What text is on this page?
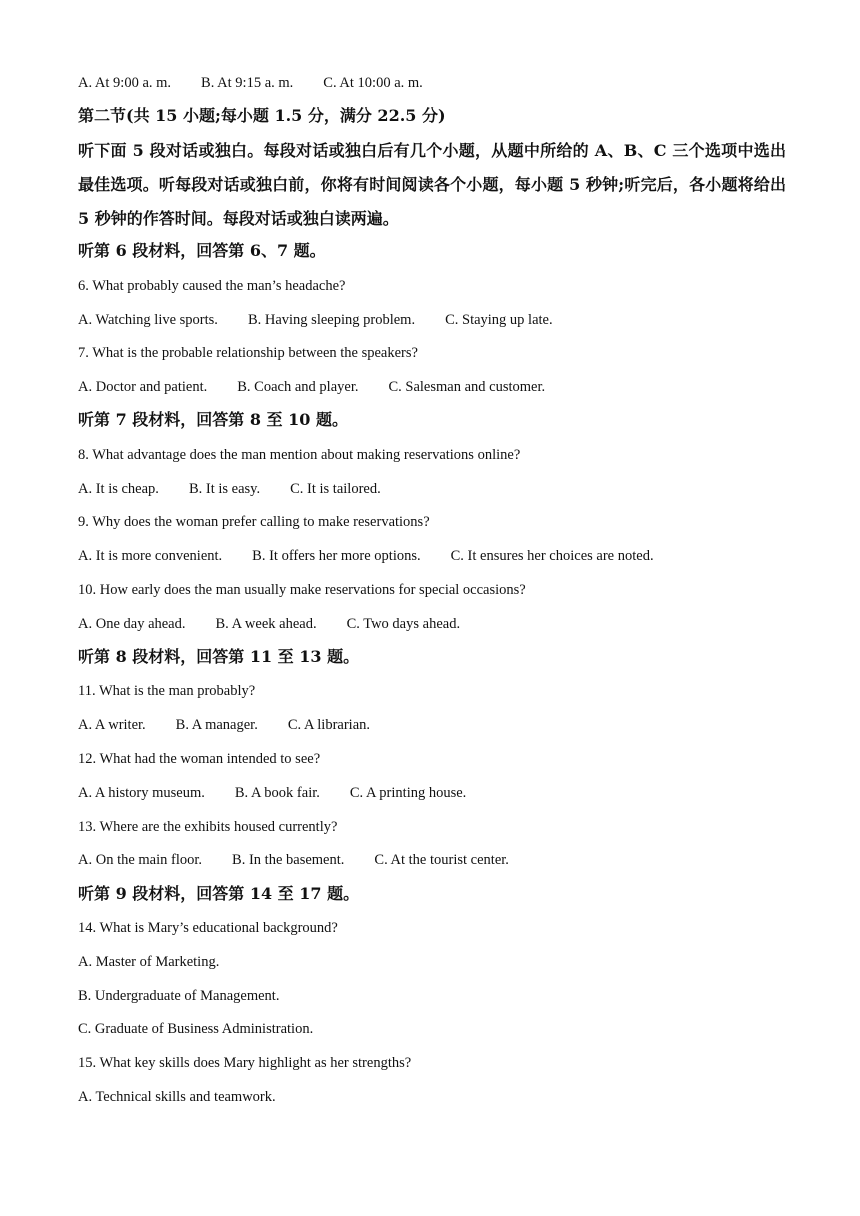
A. At 9:00 a. m. B. At 9:15 a. m. C. At 10:00 a. m.
第二节(共 15 小题;每小题 1.5 分，满分 22.5 分)
听下面 5 段对话或独白。每段对话或独白后有几个小题，从题中所给的 A、B、C 三个选项中选出最佳选项。听每段对话或独白前，你将有时间阅读各个小题，每小题 5 秒钟;听完后，各小题将给出 5 秒钟的作答时间。每段对话或独白读两遍。
听第 6 段材料，回答第 6、7 题。
6. What probably caused the man’s headache?
A. Watching live sports. B. Having sleeping problem. C. Staying up late.
7. What is the probable relationship between the speakers?
A. Doctor and patient. B. Coach and player. C. Salesman and customer.
听第 7 段材料，回答第 8 至 10 题。
8. What advantage does the man mention about making reservations online?
A. It is cheap. B. It is easy. C. It is tailored.
9. Why does the woman prefer calling to make reservations?
A. It is more convenient. B. It offers her more options. C. It ensures her choices are noted.
10. How early does the man usually make reservations for special occasions?
A. One day ahead. B. A week ahead. C. Two days ahead.
听第 8 段材料，回答第 11 至 13 题。
11. What is the man probably?
A. A writer. B. A manager. C. A librarian.
12. What had the woman intended to see?
A. A history museum. B. A book fair. C. A printing house.
13. Where are the exhibits housed currently?
A. On the main floor. B. In the basement. C. At the tourist center.
听第 9 段材料，回答第 14 至 17 题。
14. What is Mary’s educational background?
A. Master of Marketing.
B. Undergraduate of Management.
C. Graduate of Business Administration.
15. What key skills does Mary highlight as her strengths?
A. Technical skills and teamwork.
